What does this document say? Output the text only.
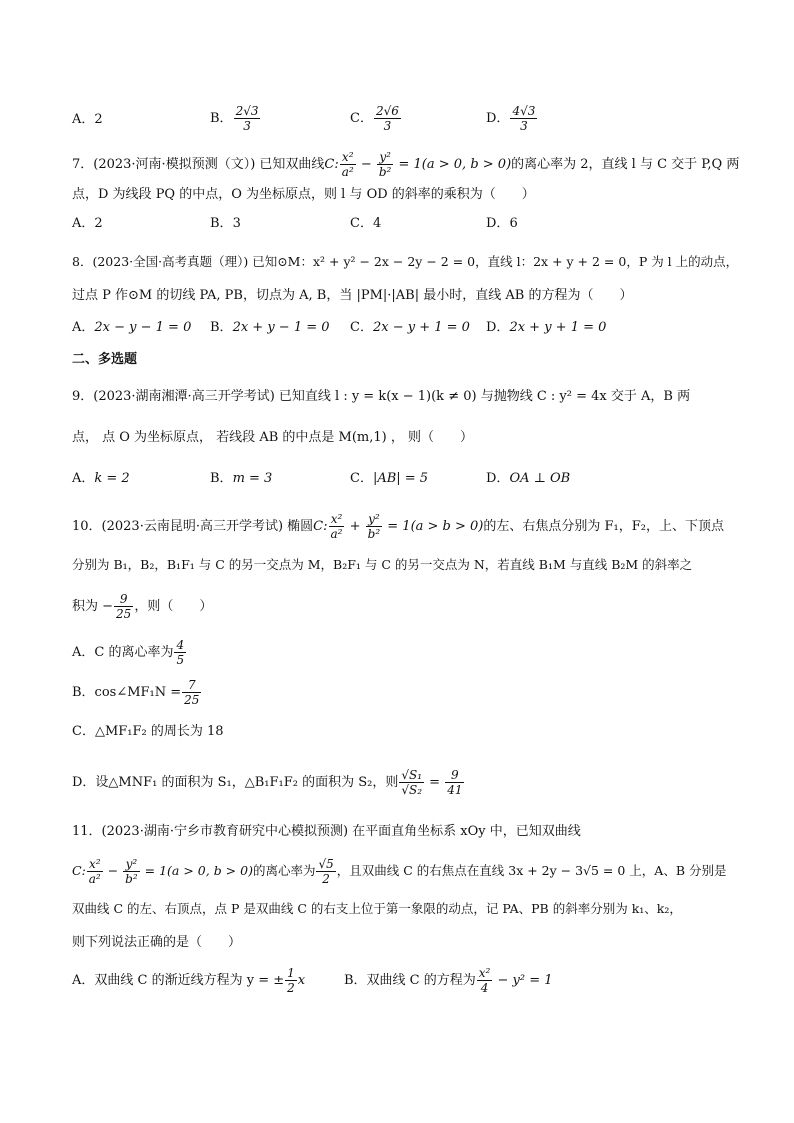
A．2	B． $\frac{2√3}{3}$	C． $\frac{2√6}{3}$	D． $\frac{4√3}{3}$
7．(2023·河南·模拟预测（文）) 已知双曲线C: $\frac{\text{x²}}{\text{a²}} - \frac{\text{y²}}{\text{b²}} = 1(a > 0$, b > 0)的离心率为 2，直线 l 与 C 交于 P,Q 两
点，D 为线段 PQ 的中点，O 为坐标原点，则 l 与 OD 的斜率的乘积为（　　）
A．2	B．3	C．4	D．6
8．(2023·全国·高考真题（理）) 已知⊙M：x² + y² − 2x − 2y − 2 = 0，直线 l：2x + y + 2 = 0，P 为 l 上的动点，
过点 P 作⊙M 的切线 PA, PB，切点为 A, B，当 |PM|·|AB| 最小时，直线 AB 的方程为（　　）
A．2x − y − 1 = 0 B．2x + y − 1 = 0 C．2x − y + 1 = 0 D．2x + y + 1 = 0
二、多选题
9．(2023·湖南湘潭·高三开学考试) 已知直线 l : y = k(x − 1)(k ≠ 0) 与抛物线 C : y² = 4x 交于 A，B 两
点， 点 O 为坐标原点， 若线段 AB 的中点是 M(m,1) ， 则（　　）
A．k = 2	B．m = 3	C．|AB| = 5	D．OA ⊥ OB
10．(2023·云南昆明·高三开学考试) 椭圆C: $\frac{\text{x²}}{\text{a²}} + \frac{\text{y²}}{\text{b²}} = 1(a > b > 0)$的左、右焦点分别为 F₁，F₂，上、下顶点
分别为 B₁，B₂，B₁F₁ 与 C 的另一交点为 M，B₂F₁ 与 C 的另一交点为 N，若直线 B₁M 与直线 B₂M 的斜率之
积为 − $\frac{9}{25}$ ，则（　　）
A．C 的离心率为 $\frac{4}{5}$
B．cos∠MF₁N = $\frac{7}{25}$
C．△MF₁F₂ 的周长为 18
D．设△MNF₁ 的面积为 S₁，△B₁F₁F₂ 的面积为 S₂，则 $\frac{\text{√S₁}}{\text{√S₂}} = \frac{9}{41}$
11．(2023·湖南·宁乡市教育研究中心模拟预测) 在平面直角坐标系 xOy 中，已知双曲线
C: $\frac{\text{x²}}{\text{a²}} - \frac{\text{y²}}{\text{b²}} = 1(a > 0$, b > 0)的离心率为 $\frac{√5}{2}$ ，且双曲线 C 的右焦点在直线 3x + 2y − 3√5 = 0 上，A、B 分别是
双曲线 C 的左、右顶点，点 P 是双曲线 C 的右支上位于第一象限的动点，记 PA、PB 的斜率分别为 k₁、k₂，
则下列说法正确的是（　　）
A．双曲线 C 的渐近线方程为 y = ± $\frac{1}{2}$ x	B．双曲线 C 的方程为 $\frac{\text{x²}}{4} - y^2 = 1$
